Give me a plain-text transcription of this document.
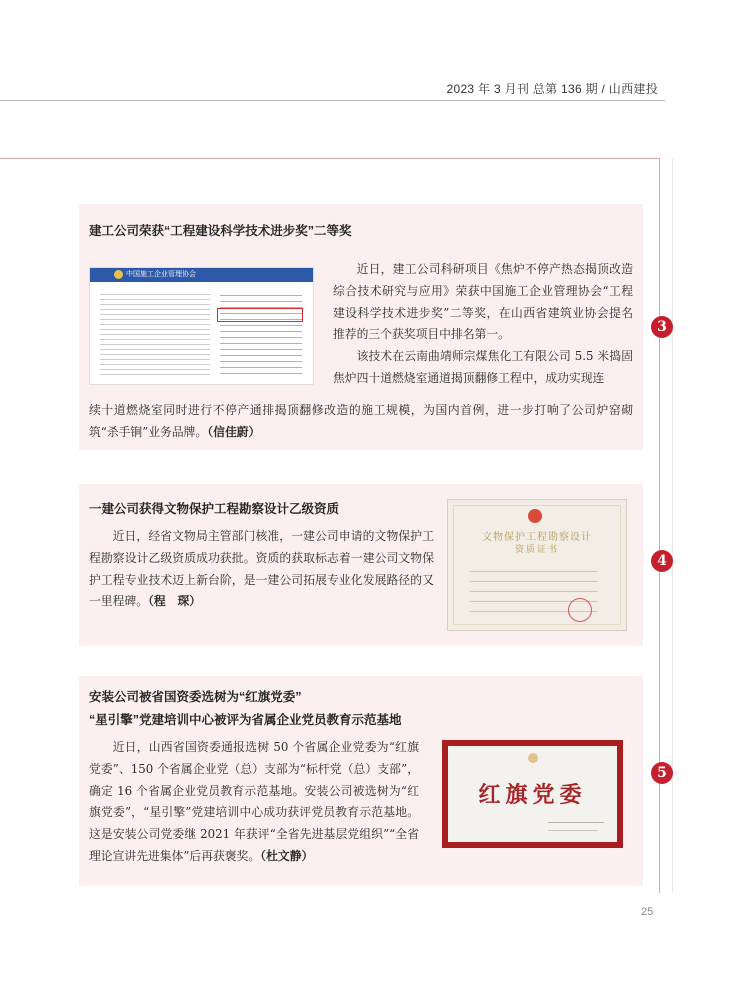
2023 年 3 月刊 总第 136 期 / 山西建投
建工公司荣获“工程建设科学技术进步奖”二等奖
中国施工企业管理协会	近日，建工公司科研项目《焦炉不停产热态揭顶改造综合技术研究与应用》荣获中国施工企业管理协会“工程建设科学技术进步奖”二等奖，在山西省建筑业协会提名推荐的三个获奖项目中排名第一。

该技术在云南曲靖师宗煤焦化工有限公司 5.5 米捣固焦炉四十道燃烧室通道揭顶翻修工程中，成功实现连

续十道燃烧室同时进行不停产通排揭顶翻修改造的施工规模，为国内首例，进一步打响了公司炉窑砌筑“杀手锏”业务品牌。（信佳蔚）

3
一建公司获得文物保护工程勘察设计乙级资质

近日，经省文物局主管部门核准，一建公司申请的文物保护工程勘察设计乙级资质成功获批。资质的获取标志着一建公司文物保护工程专业技术迈上新台阶，是一建公司拓展专业化发展路径的又一里程碑。（程　琛）

文物保护工程勘察设计
资质证书
4
安装公司被省国资委选树为“红旗党委”
“星引擎”党建培训中心被评为省属企业党员教育示范基地

近日，山西省国资委通报选树 50 个省属企业党委为“红旗党委”、150 个省属企业党（总）支部为“标杆党（总）支部”，确定 16 个省属企业党员教育示范基地。安装公司被选树为“红旗党委”，“星引擎”党建培训中心成功获评党员教育示范基地。这是安装公司党委继 2021 年获评“全省先进基层党组织”“全省理论宣讲先进集体”后再获褒奖。（杜文静）

红旗党委
5
25
